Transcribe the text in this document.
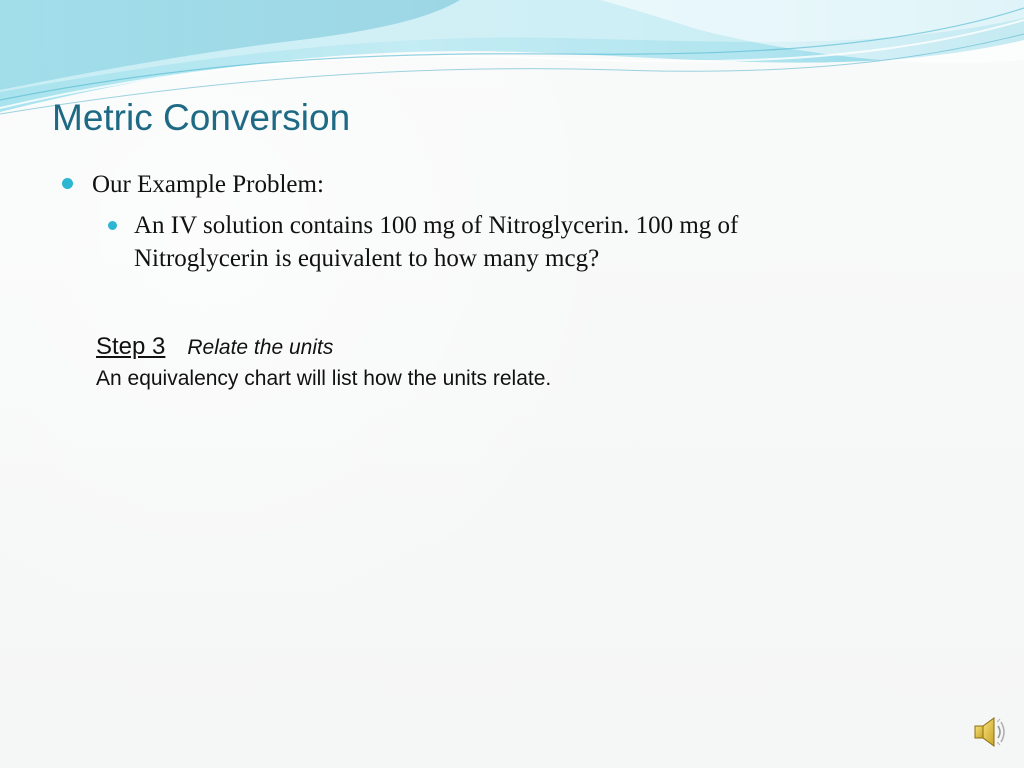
Metric Conversion
Our Example Problem:
An IV solution contains 100 mg of Nitroglycerin. 100 mg of Nitroglycerin is equivalent to how many mcg?
Step 3 Relate the units
An equivalency chart will list how the units relate.
